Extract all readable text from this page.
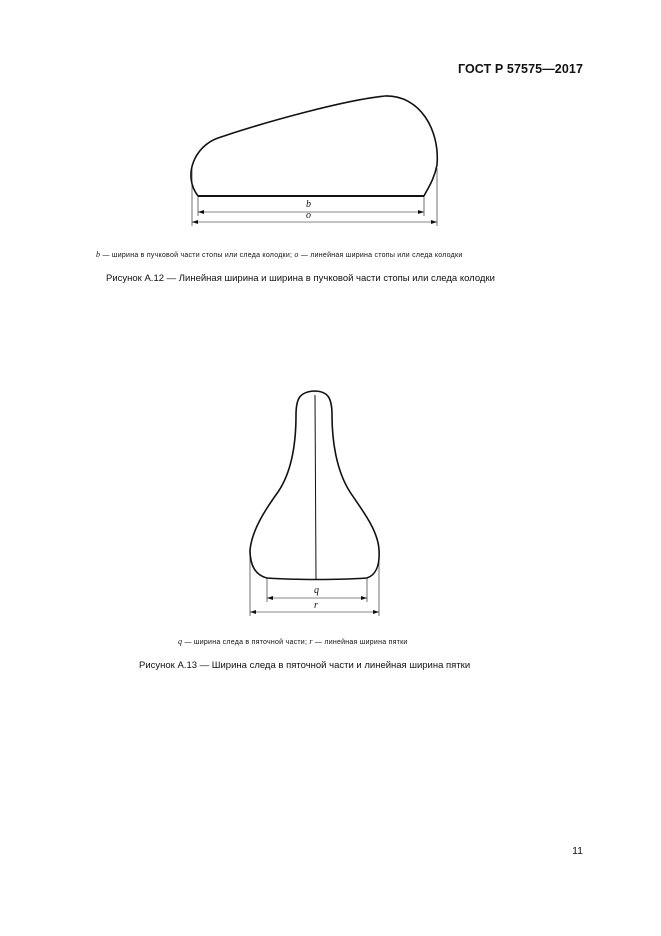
ГОСТ Р 57575—2017
b
o
b — ширина в пучковой части стопы или следа колодки; o — линейная ширина стопы или следа колодки
Рисунок А.12 — Линейная ширина и ширина в пучковой части стопы или следа колодки
q
r
q — ширина следа в пяточной части; r — линейная ширина пятки
Рисунок А.13 — Ширина следа в пяточной части и линейная ширина пятки
11
